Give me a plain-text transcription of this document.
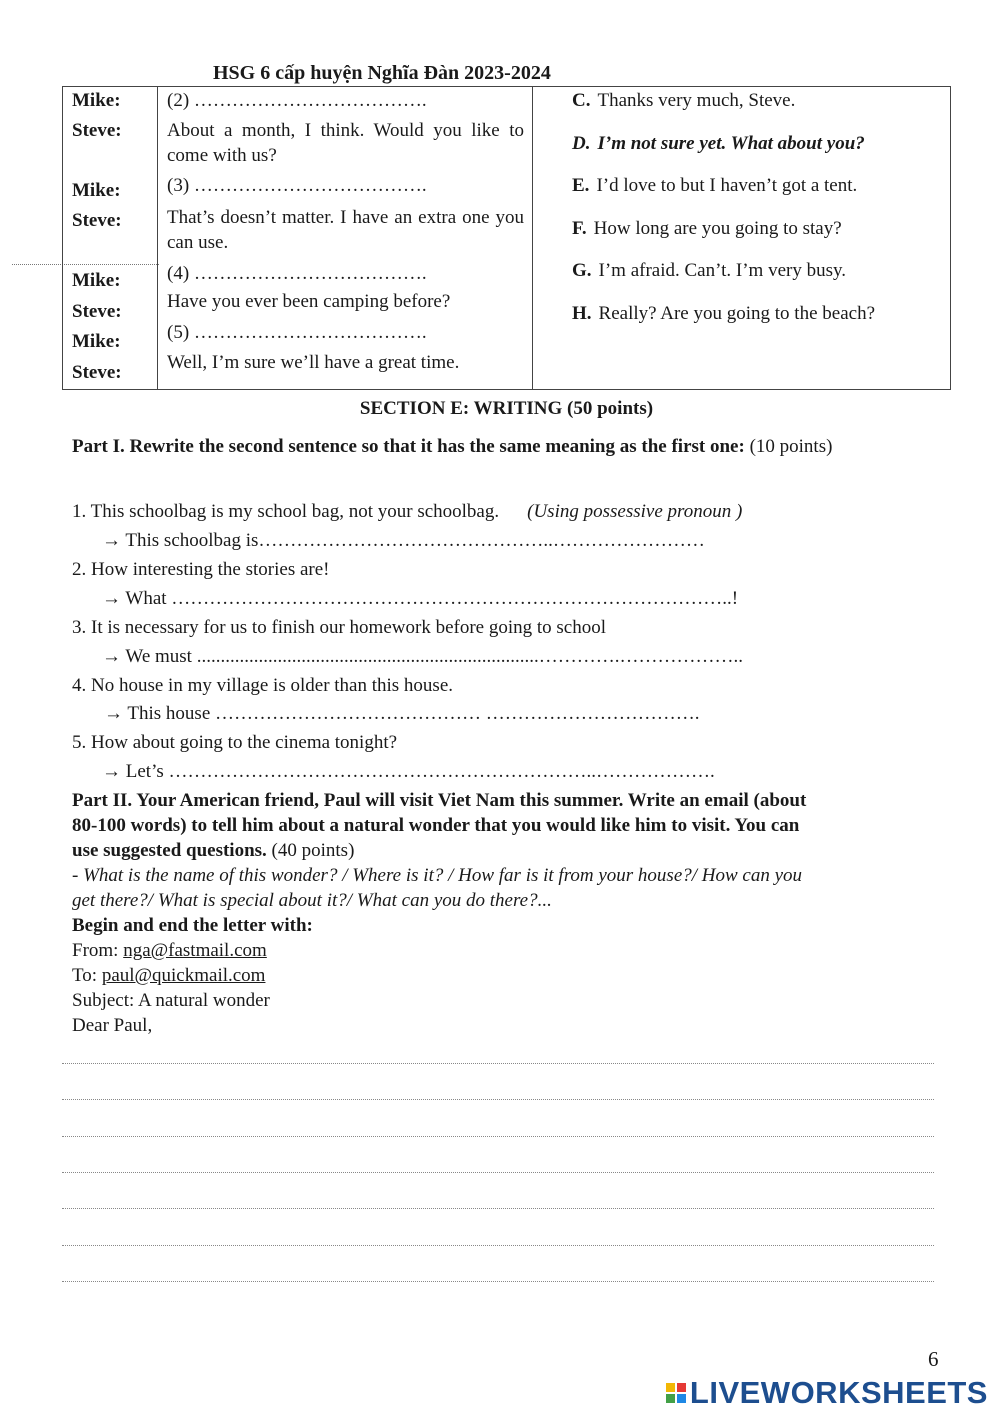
HSG 6 cấp huyện Nghĩa Đàn 2023-2024
Mike: (2) ……………………………….
Steve: About a month, I think. Would you like to come with us?
Mike: (3) ……………………………….
Steve: That’s doesn’t matter. I have an extra one you can use.
Mike: (4) ……………………………….
Steve: Have you ever been camping before?
Mike: (5) ……………………………….
Steve: Well, I’m sure we’ll have a great time.
C. Thanks very much, Steve.
D. I’m not sure yet. What about you?
E. I’d love to but I haven’t got a tent.
F. How long are you going to stay?
G. I’m afraid. Can’t. I’m very busy.
H. Really? Are you going to the beach?
SECTION E: WRITING (50 points)
Part I. Rewrite the second sentence so that it has the same meaning as the first one: (10 points)
1. This schoolbag is my school bag, not your schoolbag. (Using possessive pronoun )
→ This schoolbag is………………………………………..……………………
2. How interesting the stories are!
→ What ……………………………………………………………………………..!
3. It is necessary for us to finish our homework before going to school
→ We must ........................................................................………….………………..
4. No house in my village is older than this house.
→ This house …………………………………… …………………………….
5. How about going to the cinema tonight?
→ Let’s …………………………………………………………..……………….
Part II. Your American friend, Paul will visit Viet Nam this summer. Write an email (about
80-100 words) to tell him about a natural wonder that you would like him to visit. You can
use suggested questions. (40 points)
- What is the name of this wonder? / Where is it? / How far is it from your house?/ How can you
get there?/ What is special about it?/ What can you do there?...
Begin and end the letter with:
From: nga@fastmail.com
To: paul@quickmail.com
Subject: A natural wonder
Dear Paul,
6
LIVEWORKSHEETS
